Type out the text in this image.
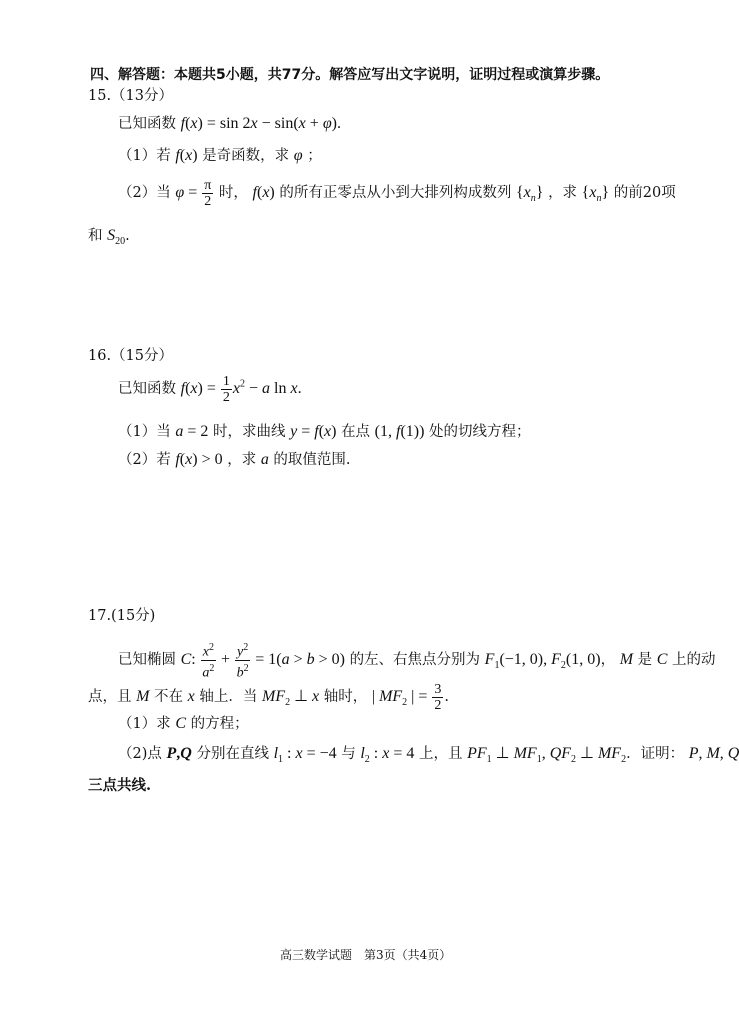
四、解答题：本题共5小题，共77分。解答应写出文字说明，证明过程或演算步骤。
15.（13分）
已知函数 f(x) = sin 2x − sin(x + φ).
（1）若 f(x) 是奇函数，求 φ ；
（2）当 $\varphi = \frac{\pi}{2}$ 时， f(x) 的所有正零点从小到大排列构成数列 $\{x_n\}$ ，求 $\{x_n\}$ 的前20项
和 $S_{20}$.
16.（15分）
已知函数 $f(x) = \frac{1}{2} x^2 - a$ ln x.
（1）当 a = 2 时，求曲线 y = f(x) 在点 (1, f(1)) 处的切线方程；
（2）若 f(x) > 0 ，求 a 的取值范围.
17.(15分)
已知椭圆 C: $\frac{x^2}{a^2} + \frac{y^2}{b^2} = 1(a > b > 0)$ 的左、右焦点分别为 $F_1(-1$, 0), $F_2(1$, 0)， M 是 C 上的动
点，且 M 不在 x 轴上．当 $MF_2$ ⊥ x 轴时， | $MF_2$ | = $\frac{3}{2}$ .
（1）求 C 的方程；
（2)点 P,Q 分别在直线 $l_1$ : x = −4 与 $l_2$ : x = 4 上，且 $PF_1$ ⊥ $MF_1$, $QF_2$ ⊥ $MF_2$．证明： P, M, Q
三点共线.
高三数学试题　第3页（共4页）
